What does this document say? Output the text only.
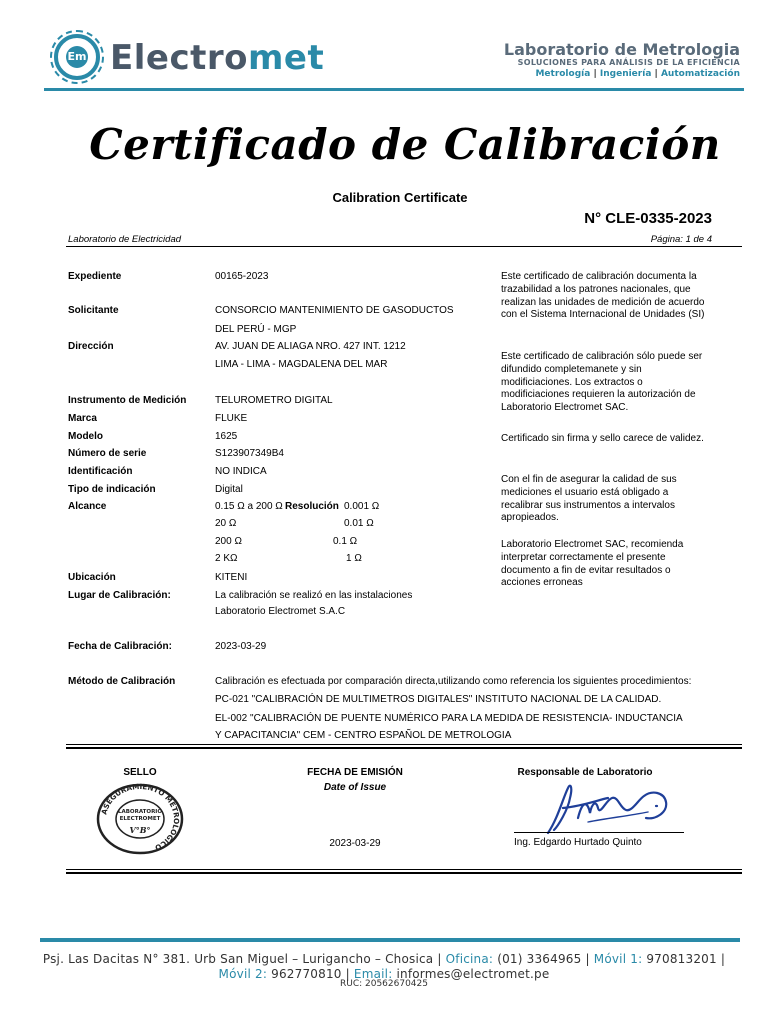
Em Electromet	Laboratorio de Metrologia
SOLUCIONES PARA ANÁLISIS DE LA EFICIENCIA
Metrología | Ingeniería | Automatización
Certificado de Calibración
Calibration Certificate
N° CLE-0335-2023
Laboratorio de Electricidad	Página: 1 de 4
Expediente	00165-2023
Solicitante	CONSORCIO MANTENIMIENTO DE GASODUCTOS
DEL PERÚ - MGP
Dirección	AV. JUAN DE ALIAGA NRO. 427 INT. 1212
LIMA - LIMA - MAGDALENA DEL MAR
Instrumento de Medición	TELUROMETRO DIGITAL
Marca	FLUKE
Modelo	1625
Número de serie	S123907349B4
Identificación	NO INDICA
Tipo de indicación	Digital
Alcance	0.15 Ω a 200 Ω Resolución 0.001 Ω
20 Ω	0.01 Ω
200 Ω	0.1 Ω
2 KΩ	1 Ω
Ubicación	KITENI
Lugar de Calibración:	La calibración se realizó en las instalaciones
Laboratorio Electromet S.A.C
Fecha de Calibración:	2023-03-29
Método de Calibración	Calibración es efectuada por comparación directa,utilizando como referencia los siguientes procedimientos:
PC-021 "CALIBRACIÓN DE MULTIMETROS DIGITALES" INSTITUTO NACIONAL DE LA CALIDAD.
EL-002 "CALIBRACIÓN DE PUENTE NUMÉRICO PARA LA MEDIDA DE RESISTENCIA- INDUCTANCIA
Y CAPACITANCIA" CEM - CENTRO ESPAÑOL DE METROLOGIA
Este certificado de calibración documenta la trazabilidad a los patrones nacionales, que realizan las unidades de medición de acuerdo con el Sistema Internacional de Unidades (SI)
Este certificado de calibración sólo puede ser difundido completemanete y sin modificiaciones. Los extractos o modificiaciones requieren la autorización de Laboratorio Electromet SAC.
Certificado sin firma y sello carece de validez.
Con el fin de asegurar la calidad de sus mediciones el usuario está obligado a recalibrar sus instrumentos a intervalos apropieados.
Laboratorio Electromet SAC, recomienda interpretar correctamente el presente documento a fin de evitar resultados o acciones erroneas
SELLO	FECHA DE EMISIÓN
Date of Issue
Responsable de Laboratorio
ASEGURAMIENTO METROLOGICO
LABORATORIO
ELECTROMET
V°B°
2023-03-29	Ing. Edgardo Hurtado Quinto
Psj. Las Dacitas N° 381. Urb San Miguel – Lurigancho – Chosica | Oficina: (01) 3364965 | Móvil 1: 970813201 |
Móvil 2: 962770810 | Email: informes@electromet.pe
RUC: 20562670425
